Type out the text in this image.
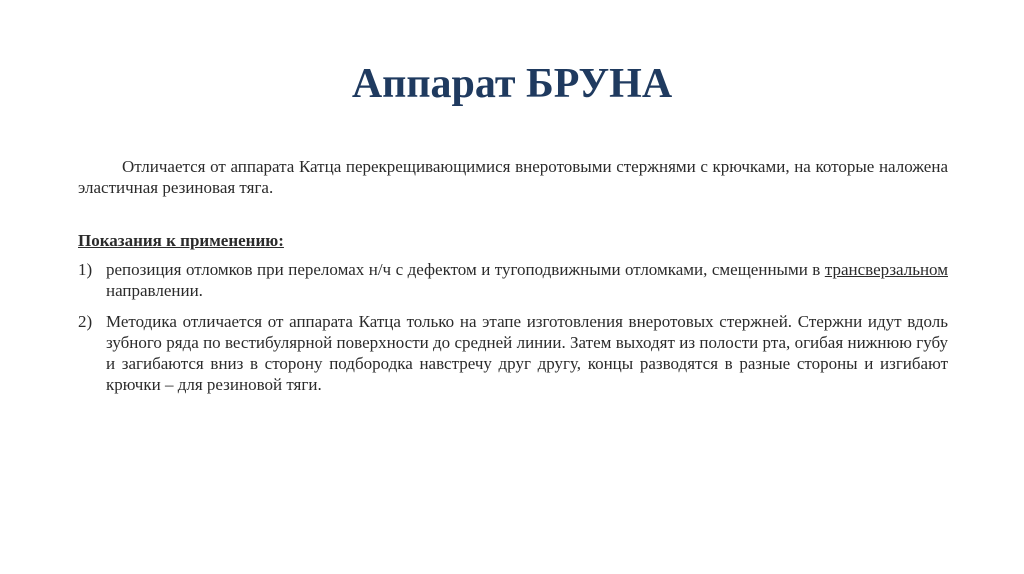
Аппарат БРУНА

Отличается от аппарата Катца перекрещивающимися внеротовыми стержнями с крючками, на которые наложена эластичная резиновая тяга.

Показания к применению:

1) репозиция отломков при переломах н/ч с дефектом и тугоподвижными отломками, смещенными в трансверзальном направлении.
2) Методика отличается от аппарата Катца только на этапе изготовления внеротовых стержней. Стержни идут вдоль зубного ряда по вестибулярной поверхности до средней линии. Затем выходят из полости рта, огибая нижнюю губу и загибаются вниз в сторону подбородка навстречу друг другу, концы разводятся в разные стороны и изгибают крючки – для резиновой тяги.
